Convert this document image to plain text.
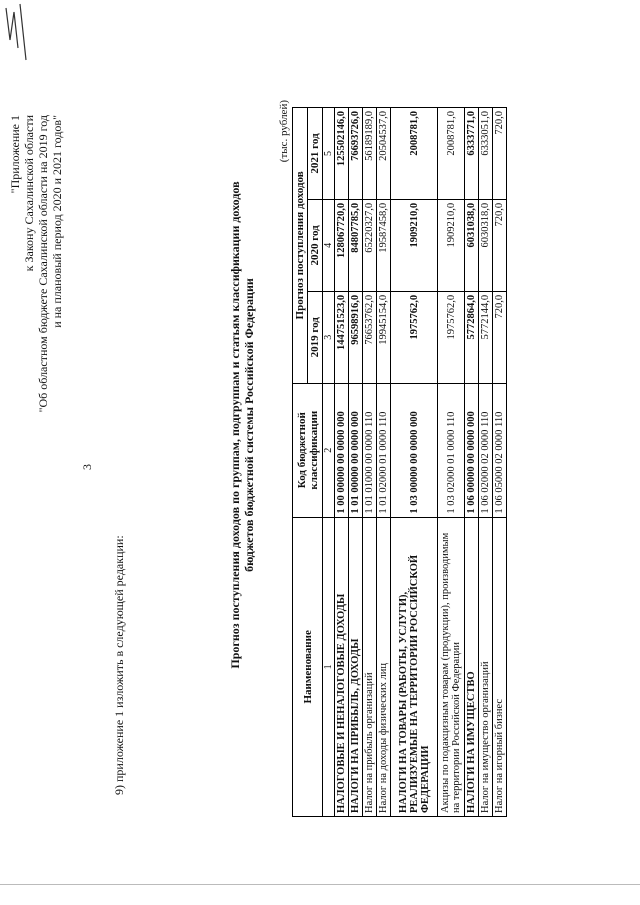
3
9) приложение 1 изложить в следующей редакции:
"Приложение 1 к Закону Сахалинской области "Об областном бюджете Сахалинской области на 2019 год и на плановый период 2020 и 2021 годов"	Прогноз поступления доходов по группам, подгруппам и статьям классификации доходов бюджетов бюджетной системы Российской Федерации
(тыс. рублей)
Наименование	Код бюджетной классификации	Прогноз поступления доходов		
		2019 год	2020 год	2021 год
1	2	3	4	5
НАЛОГОВЫЕ И НЕНАЛОГОВЫЕ ДОХОДЫ	1 00 00000 00 0000 000	144751523,0	128067720,0	125502146,0
НАЛОГИ НА ПРИБЫЛЬ, ДОХОДЫ	1 01 00000 00 0000 000	96598916,0	84807785,0	76693726,0
Налог на прибыль организаций	1 01 01000 00 0000 110	76653762,0	65220327,0	56189189,0
Налог на доходы физических лиц	1 01 02000 01 0000 110	19945154,0	19587458,0	20504537,0
НАЛОГИ НА ТОВАРЫ (РАБОТЫ, УСЛУГИ), РЕАЛИЗУЕМЫЕ НА ТЕРРИТОРИИ РОССИЙСКОЙ ФЕДЕРАЦИИ	1 03 00000 00 0000 000	1975762,0	1909210,0	2008781,0
Акцизы по подакцизным товарам (продукции), производимым на территории Российской Федерации	1 03 02000 01 0000 110	1975762,0	1909210,0	2008781,0
НАЛОГИ НА ИМУЩЕСТВО	1 06 00000 00 0000 000	5772864,0	6031038,0	6333771,0
Налог на имущество организаций	1 06 02000 02 0000 110	5772144,0	6030318,0	6333051,0
Налог на игорный бизнес	1 06 05000 02 0000 110	720,0	720,0	720,0
